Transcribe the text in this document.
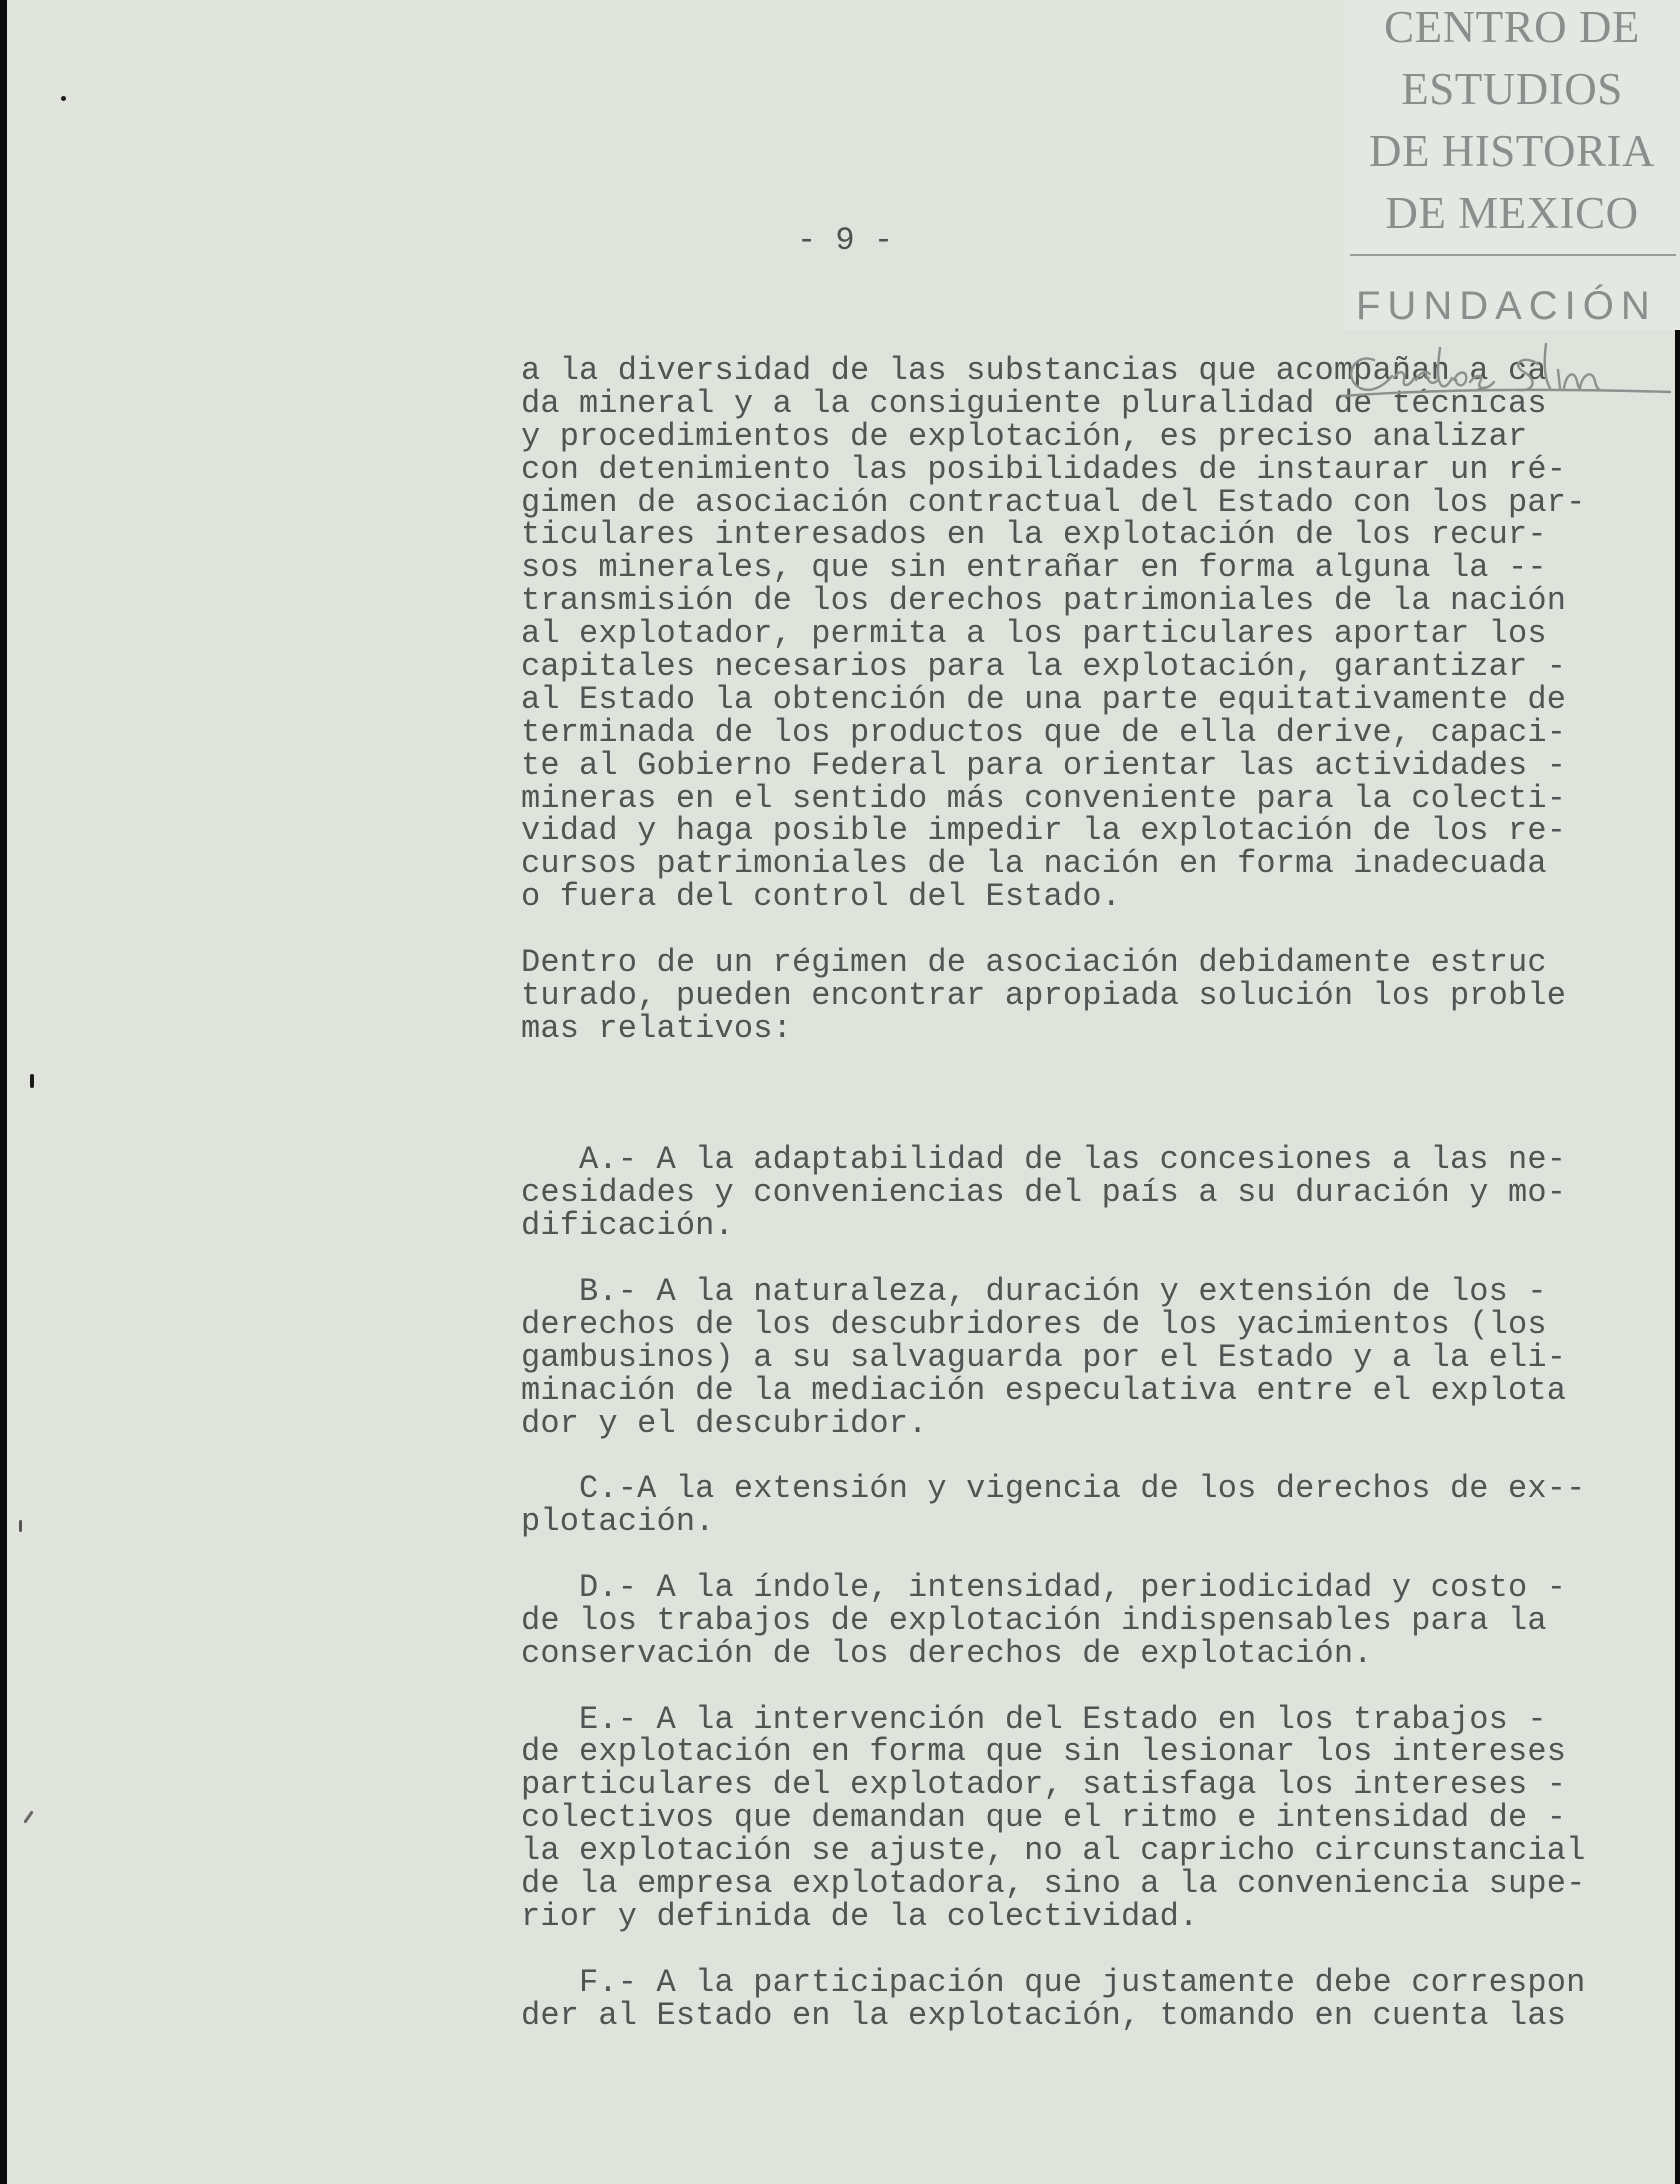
- 9 -
a la diversidad de las substancias que acompañan a ca
da mineral y a la consiguiente pluralidad de técnicas
y procedimientos de explotación, es preciso analizar
con detenimiento las posibilidades de instaurar un ré-
gimen de asociación contractual del Estado con los par-
ticulares interesados en la explotación de los recur-
sos minerales, que sin entrañar en forma alguna la --
transmisión de los derechos patrimoniales de la nación
al explotador, permita a los particulares aportar los
capitales necesarios para la explotación, garantizar -
al Estado la obtención de una parte equitativamente de
terminada de los productos que de ella derive, capaci-
te al Gobierno Federal para orientar las actividades -
mineras en el sentido más conveniente para la colecti-
vidad y haga posible impedir la explotación de los re-
cursos patrimoniales de la nación en forma inadecuada
o fuera del control del Estado.
Dentro de un régimen de asociación debidamente estruc
turado, pueden encontrar apropiada solución los proble
mas relativos:
A.- A la adaptabilidad de las concesiones a las ne-
cesidades y conveniencias del país a su duración y mo-
dificación.
B.- A la naturaleza, duración y extensión de los -
derechos de los descubridores de los yacimientos (los
gambusinos) a su salvaguarda por el Estado y a la eli-
minación de la mediación especulativa entre el explota
dor y el descubridor.
C.-A la extensión y vigencia de los derechos de ex--
plotación.
D.- A la índole, intensidad, periodicidad y costo -
de los trabajos de explotación indispensables para la
conservación de los derechos de explotación.
E.- A la intervención del Estado en los trabajos -
de explotación en forma que sin lesionar los intereses
particulares del explotador, satisfaga los intereses -
colectivos que demandan que el ritmo e intensidad de -
la explotación se ajuste, no al capricho circunstancial
de la empresa explotadora, sino a la conveniencia supe-
rior y definida de la colectividad.
F.- A la participación que justamente debe correspon
der al Estado en la explotación, tomando en cuenta las
CENTRO DE
ESTUDIOS
DE HISTORIA
DE MEXICO
FUNDACIÓN
